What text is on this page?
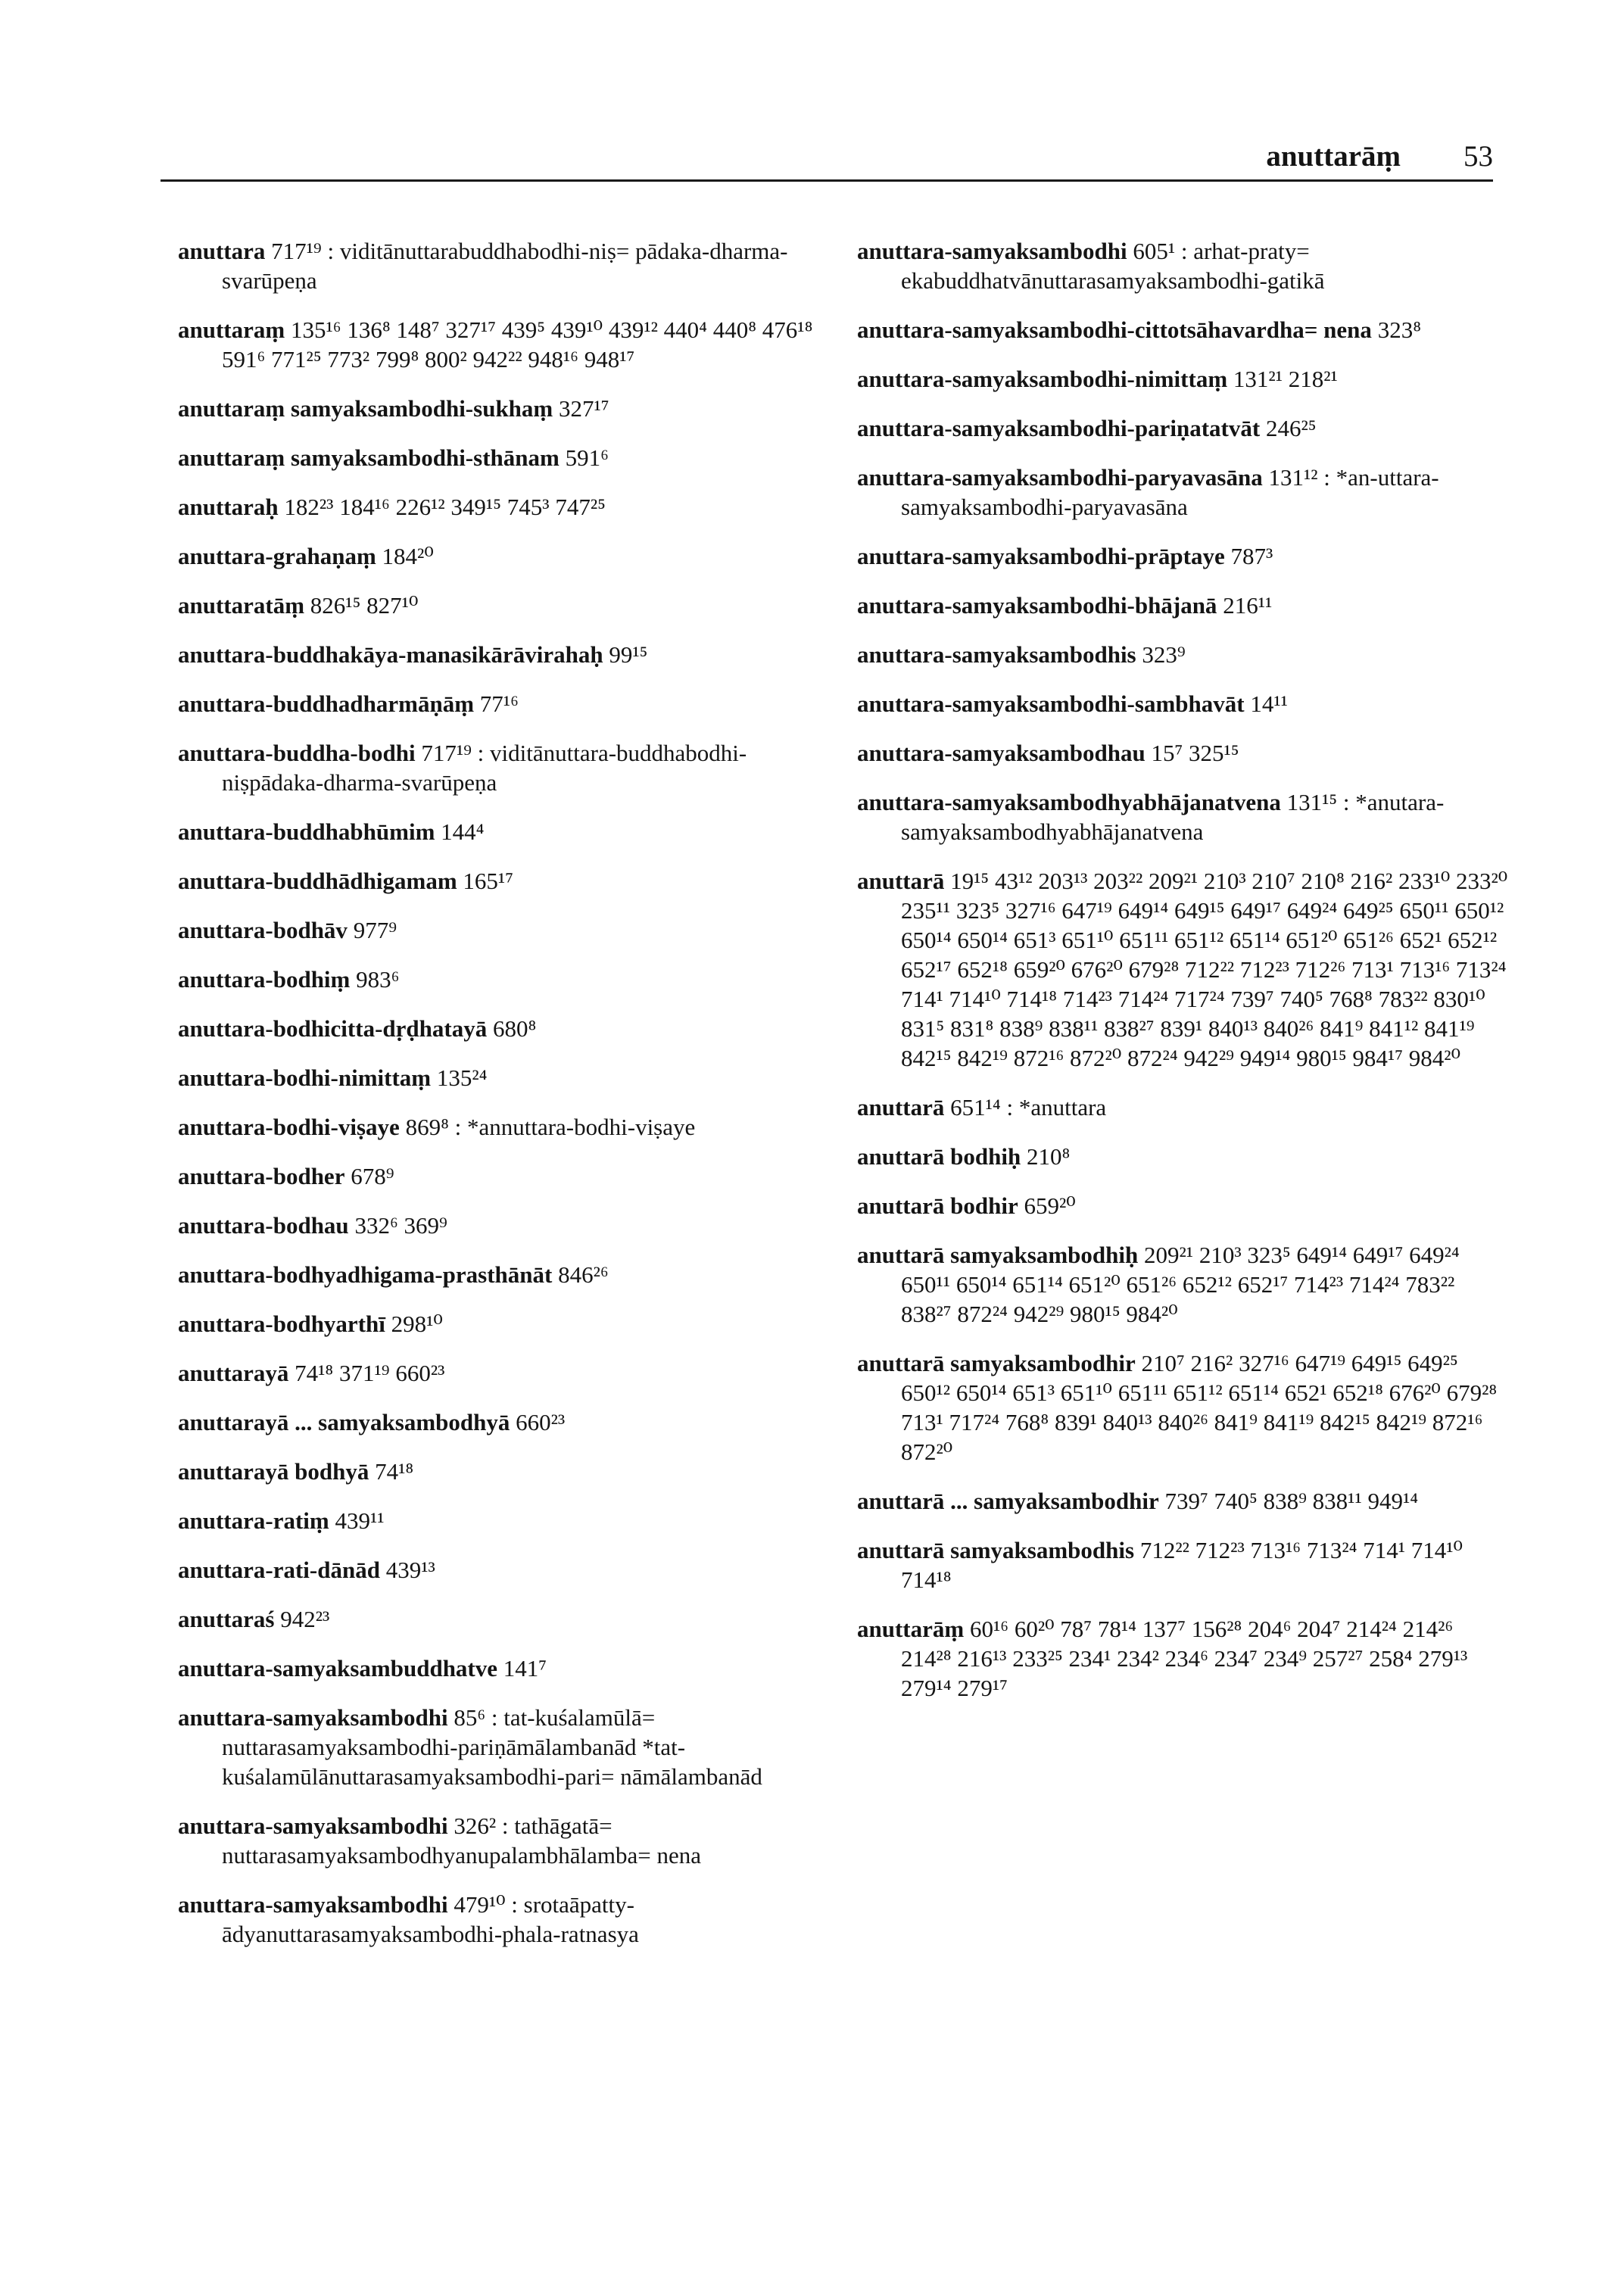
anuttarāṃ 53
anuttara 717¹⁹ : viditānuttarabuddhabodhi-niṣ= pādaka-dharma-svarūpeṇa
anuttaraṃ 135¹⁶ 136⁸ 148⁷ 327¹⁷ 439⁵ 439¹⁰ 439¹² 440⁴ 440⁸ 476¹⁸ 591⁶ 771²⁵ 773² 799⁸ 800² 942²² 948¹⁶ 948¹⁷
anuttaraṃ samyaksambodhi-sukhaṃ 327¹⁷
anuttaraṃ samyaksambodhi-sthānam 591⁶
anuttaraḥ 182²³ 184¹⁶ 226¹² 349¹⁵ 745³ 747²⁵
anuttara-grahaṇaṃ 184²⁰
anuttaratāṃ 826¹⁵ 827¹⁰
anuttara-buddhakāya-manasikārāvirahaḥ 99¹⁵
anuttara-buddhadharmāṇāṃ 77¹⁶
anuttara-buddha-bodhi 717¹⁹ : viditānuttara-buddhabodhi-niṣpādaka-dharma-svarūpeṇa
anuttara-buddhabhūmim 144⁴
anuttara-buddhādhigamam 165¹⁷
anuttara-bodhāv 977⁹
anuttara-bodhiṃ 983⁶
anuttara-bodhicitta-dṛḍhatayā 680⁸
anuttara-bodhi-nimittaṃ 135²⁴
anuttara-bodhi-viṣaye 869⁸ : *annuttara-bodhi-viṣaye
anuttara-bodher 678⁹
anuttara-bodhau 332⁶ 369⁹
anuttara-bodhyadhigama-prasthānāt 846²⁶
anuttara-bodhyarthī 298¹⁰
anuttarayā 74¹⁸ 371¹⁹ 660²³
anuttarayā ... samyaksambodhyā 660²³
anuttarayā bodhyā 74¹⁸
anuttara-ratiṃ 439¹¹
anuttara-rati-dānād 439¹³
anuttaraś 942²³
anuttara-samyaksambuddhatve 141⁷
anuttara-samyaksambodhi 85⁶ : tat-kuśalamūlā= nuttarasamyaksambodhi-pariṇāmālambanād *tat-kuśalamūlānuttarasamyaksambodhi-pari= nāmālambanād
anuttara-samyaksambodhi 326² : tathāgatā= nuttarasamyaksambodhyanupalambhālamba= nena
anuttara-samyaksambodhi 479¹⁰ : srotaāpatty-ādyanuttarasamyaksambodhi-phala-ratnasya
anuttara-samyaksambodhi 605¹ : arhat-praty= ekabuddhatvānuttarasamyaksambodhi-gatikā
anuttara-samyaksambodhi-cittotsāhavardha= nena 323⁸
anuttara-samyaksambodhi-nimittaṃ 131²¹ 218²¹
anuttara-samyaksambodhi-pariṇatatvāt 246²⁵
anuttara-samyaksambodhi-paryavasāna 131¹² : *an-uttara-samyaksambodhi-paryavasāna
anuttara-samyaksambodhi-prāptaye 787³
anuttara-samyaksambodhi-bhājanā 216¹¹
anuttara-samyaksambodhis 323⁹
anuttara-samyaksambodhi-sambhavāt 14¹¹
anuttara-samyaksambodhau 15⁷ 325¹⁵
anuttara-samyaksambodhyabhājanatvena 131¹⁵ : *anutara-samyaksambodhyabhājanatvena
anuttarā 19¹⁵ 43¹² 203¹³ 203²² 209²¹ 210³ 210⁷ 210⁸ 216² 233¹⁰ 233²⁰ 235¹¹ 323⁵ 327¹⁶ 647¹⁹ 649¹⁴ 649¹⁵ 649¹⁷ 649²⁴ 649²⁵ 650¹¹ 650¹² 650¹⁴ 650¹⁴ 651³ 651¹⁰ 651¹¹ 651¹² 651¹⁴ 651²⁰ 651²⁶ 652¹ 652¹² 652¹⁷ 652¹⁸ 659²⁰ 676²⁰ 679²⁸ 712²² 712²³ 712²⁶ 713¹ 713¹⁶ 713²⁴ 714¹ 714¹⁰ 714¹⁸ 714²³ 714²⁴ 717²⁴ 739⁷ 740⁵ 768⁸ 783²² 830¹⁰ 831⁵ 831⁸ 838⁹ 838¹¹ 838²⁷ 839¹ 840¹³ 840²⁶ 841⁹ 841¹² 841¹⁹ 842¹⁵ 842¹⁹ 872¹⁶ 872²⁰ 872²⁴ 942²⁹ 949¹⁴ 980¹⁵ 984¹⁷ 984²⁰
anuttarā 651¹⁴ : *anuttara
anuttarā bodhiḥ 210⁸
anuttarā bodhir 659²⁰
anuttarā samyaksambodhiḥ 209²¹ 210³ 323⁵ 649¹⁴ 649¹⁷ 649²⁴ 650¹¹ 650¹⁴ 651¹⁴ 651²⁰ 651²⁶ 652¹² 652¹⁷ 714²³ 714²⁴ 783²² 838²⁷ 872²⁴ 942²⁹ 980¹⁵ 984²⁰
anuttarā samyaksambodhir 210⁷ 216² 327¹⁶ 647¹⁹ 649¹⁵ 649²⁵ 650¹² 650¹⁴ 651³ 651¹⁰ 651¹¹ 651¹² 651¹⁴ 652¹ 652¹⁸ 676²⁰ 679²⁸ 713¹ 717²⁴ 768⁸ 839¹ 840¹³ 840²⁶ 841⁹ 841¹⁹ 842¹⁵ 842¹⁹ 872¹⁶ 872²⁰
anuttarā ... samyaksambodhir 739⁷ 740⁵ 838⁹ 838¹¹ 949¹⁴
anuttarā samyaksambodhis 712²² 712²³ 713¹⁶ 713²⁴ 714¹ 714¹⁰ 714¹⁸
anuttarāṃ 60¹⁶ 60²⁰ 78⁷ 78¹⁴ 137⁷ 156²⁸ 204⁶ 204⁷ 214²⁴ 214²⁶ 214²⁸ 216¹³ 233²⁵ 234¹ 234² 234⁶ 234⁷ 234⁹ 257²⁷ 258⁴ 279¹³ 279¹⁴ 279¹⁷
